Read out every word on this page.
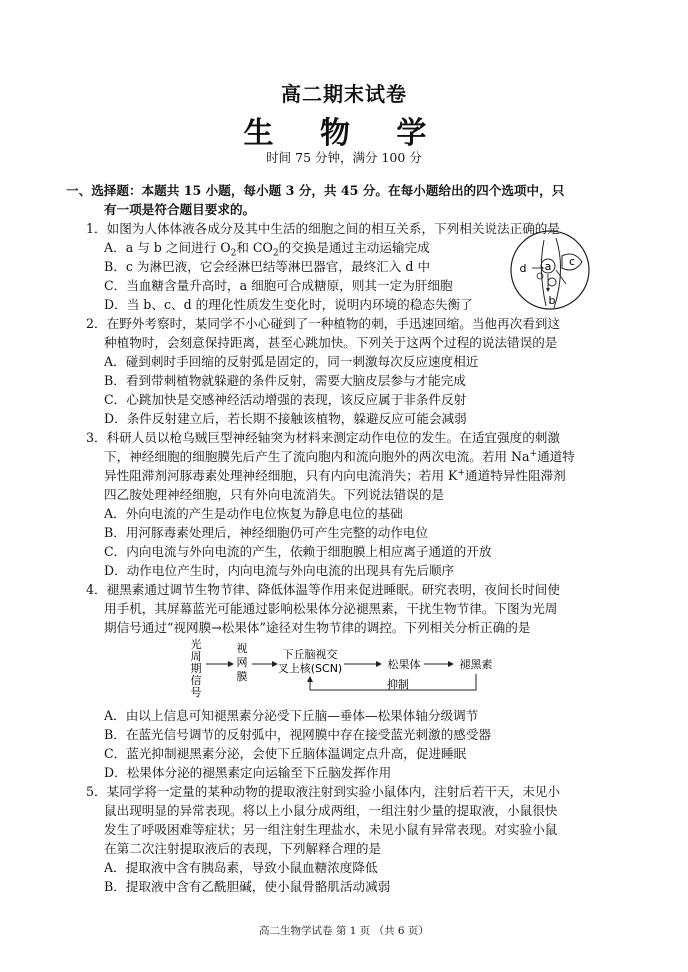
高二期末试卷
生 物 学
时间 75 分钟，满分 100 分
一、选择题：本题共 15 小题，每小题 3 分，共 45 分。在每小题给出的四个选项中，只
有一项是符合题目要求的。
1．如图为人体体液各成分及其中生活的细胞之间的相互关系，下列相关说法正确的是
A．a 与 b 之间进行 $O_2$和 $CO_2$的交换是通过主动运输完成
B．c 为淋巴液，它会经淋巴结等淋巴器官，最终汇入 d 中
C．当血糖含量升高时，a 细胞可合成糖原，则其一定为肝细胞
D．当 b、c、d 的理化性质发生变化时，说明内环境的稳态失衡了
a
b
c
d
2．在野外考察时，某同学不小心碰到了一种植物的刺，手迅速回缩。当他再次看到这
种植物时，会刻意保持距离，甚至心跳加快。下列关于这两个过程的说法错误的是
A．碰到刺时手回缩的反射弧是固定的，同一刺激每次反应速度相近
B．看到带刺植物就躲避的条件反射，需要大脑皮层参与才能完成
C．心跳加快是交感神经活动增强的表现，该反应属于非条件反射
D．条件反射建立后，若长期不接触该植物，躲避反应可能会减弱
3．科研人员以枪乌贼巨型神经轴突为材料来测定动作电位的发生。在适宜强度的刺激
下，神经细胞的细胞膜先后产生了流向胞内和流向胞外的两次电流。若用 Na+通道特
异性阻滞剂河豚毒素处理神经细胞，只有内向电流消失；若用 K+通道特异性阻滞剂
四乙胺处理神经细胞，只有外向电流消失。下列说法错误的是
A．外向电流的产生是动作电位恢复为静息电位的基础
B．用河豚毒素处理后，神经细胞仍可产生完整的动作电位
C．内向电流与外向电流的产生，依赖于细胞膜上相应离子通道的开放
D．动作电位产生时，内向电流与外向电流的出现具有先后顺序
4．褪黑素通过调节生物节律、降低体温等作用来促进睡眠。研究表明，夜间长时间使
用手机，其屏幕蓝光可能通过影响松果体分泌褪黑素，干扰生物节律。下图为光周
期信号通过“视网膜→松果体”途径对生物节律的调控。下列相关分析正确的是
光
周
期
信
号
视
网
膜
下丘脑视交
叉上核(SCN)	松果体	褪黑素
抑制
A．由以上信息可知褪黑素分泌受下丘脑—垂体—松果体轴分级调节
B．在蓝光信号调节的反射弧中，视网膜中存在接受蓝光刺激的感受器
C．蓝光抑制褪黑素分泌，会使下丘脑体温调定点升高，促进睡眠
D．松果体分泌的褪黑素定向运输至下丘脑发挥作用
5．某同学将一定量的某种动物的提取液注射到实验小鼠体内，注射后若干天，未见小
鼠出现明显的异常表现。将以上小鼠分成两组，一组注射少量的提取液，小鼠很快
发生了呼吸困难等症状；另一组注射生理盐水，未见小鼠有异常表现。对实验小鼠
在第二次注射提取液后的表现，下列解释合理的是
A．提取液中含有胰岛素，导致小鼠血糖浓度降低
B．提取液中含有乙酰胆碱，使小鼠骨骼肌活动减弱
高二生物学试卷 第 1 页 （共 6 页）
